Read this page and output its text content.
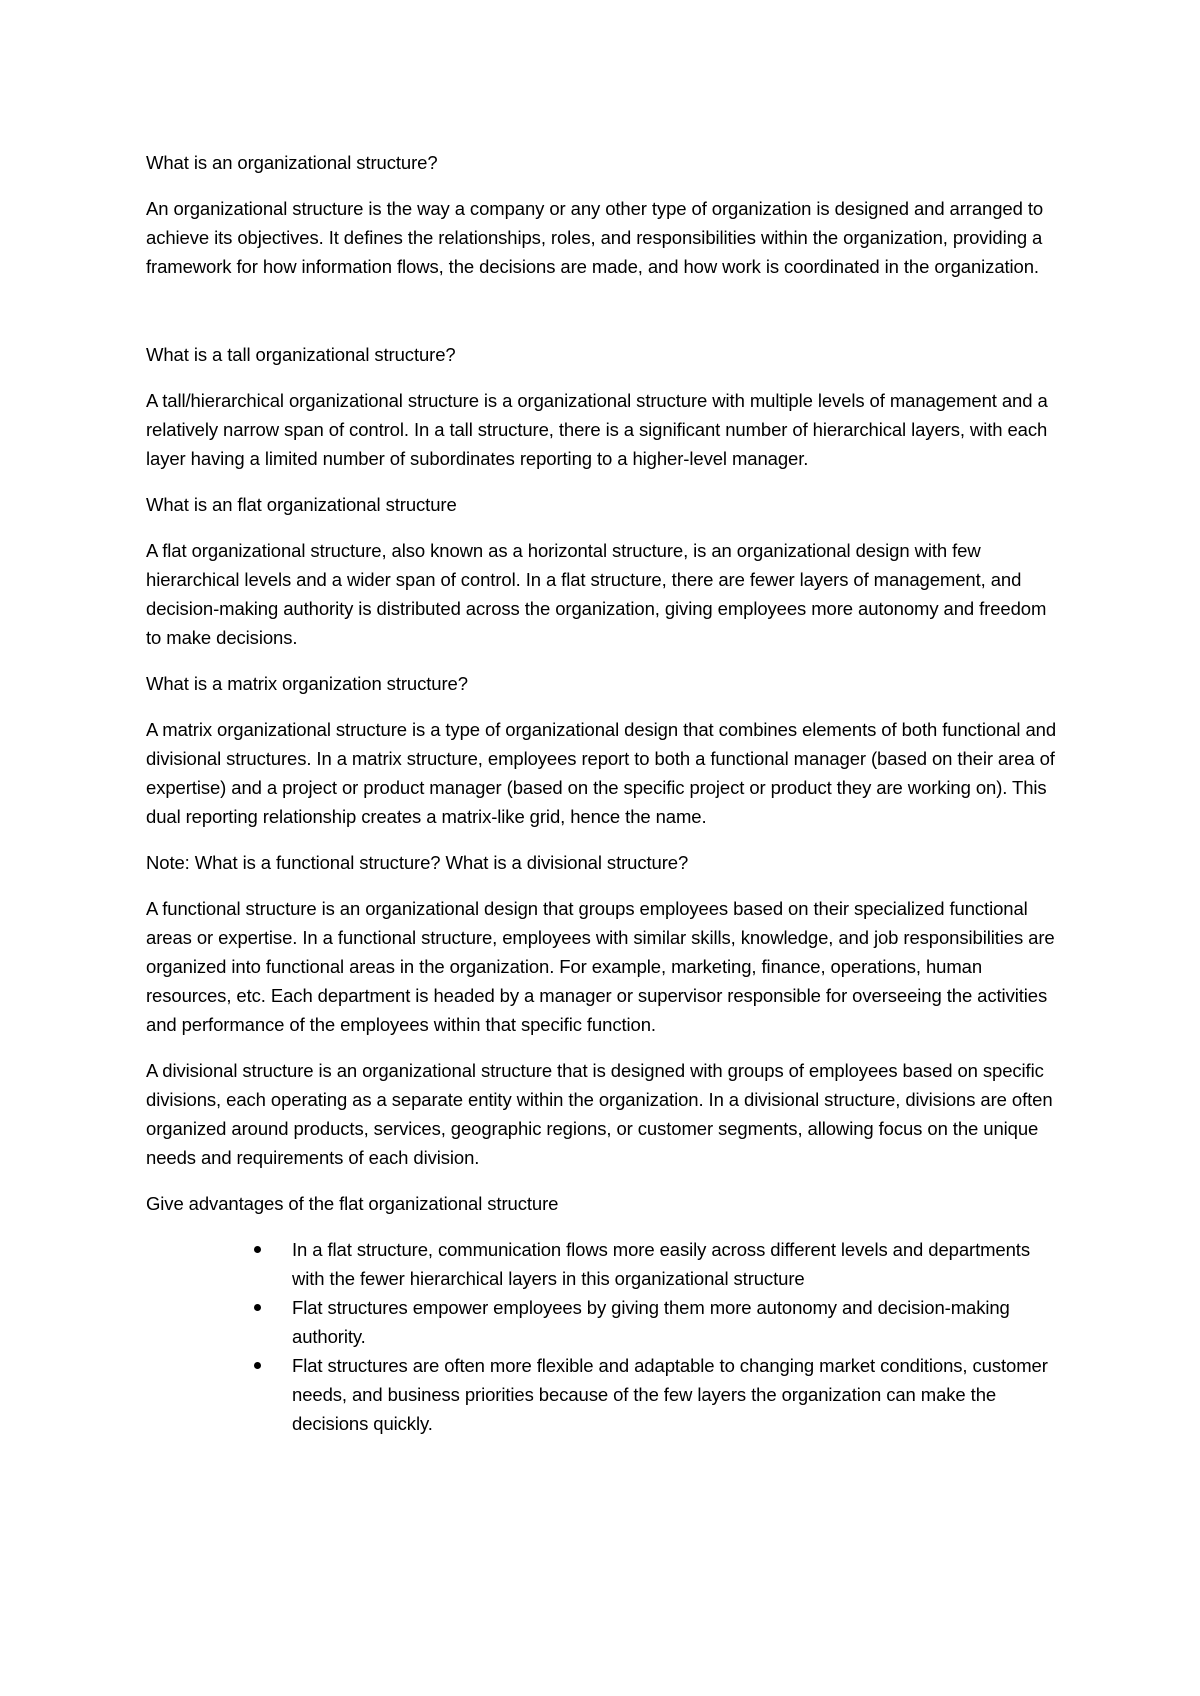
What is an organizational structure?

An organizational structure is the way a company or any other type of organization is designed and arranged to achieve its objectives. It defines the relationships, roles, and responsibilities within the organization, providing a framework for how information flows, the decisions are made, and how work is coordinated in the organization.

What is a tall organizational structure?

A tall/hierarchical organizational structure is a organizational structure with multiple levels of management and a relatively narrow span of control. In a tall structure, there is a significant number of hierarchical layers, with each layer having a limited number of subordinates reporting to a higher-level manager.

What is an flat organizational structure

A flat organizational structure, also known as a horizontal structure, is an organizational design with few hierarchical levels and a wider span of control. In a flat structure, there are fewer layers of management, and decision-making authority is distributed across the organization, giving employees more autonomy and freedom to make decisions.

What is a matrix organization structure?

A matrix organizational structure is a type of organizational design that combines elements of both functional and divisional structures. In a matrix structure, employees report to both a functional manager (based on their area of expertise) and a project or product manager (based on the specific project or product they are working on). This dual reporting relationship creates a matrix-like grid, hence the name.

Note: What is a functional structure? What is a divisional structure?

A functional structure is an organizational design that groups employees based on their specialized functional areas or expertise. In a functional structure, employees with similar skills, knowledge, and job responsibilities are organized into functional areas in the organization. For example, marketing, finance, operations, human resources, etc. Each department is headed by a manager or supervisor responsible for overseeing the activities and performance of the employees within that specific function.

A divisional structure is an organizational structure that is designed with groups of employees based on specific divisions, each operating as a separate entity within the organization. In a divisional structure, divisions are often organized around products, services, geographic regions, or customer segments, allowing focus on the unique needs and requirements of each division.

Give advantages of the flat organizational structure

In a flat structure, communication flows more easily across different levels and departments with the fewer hierarchical layers in this organizational structure
Flat structures empower employees by giving them more autonomy and decision-making authority.
Flat structures are often more flexible and adaptable to changing market conditions, customer needs, and business priorities because of the few layers the organization can make the decisions quickly.
